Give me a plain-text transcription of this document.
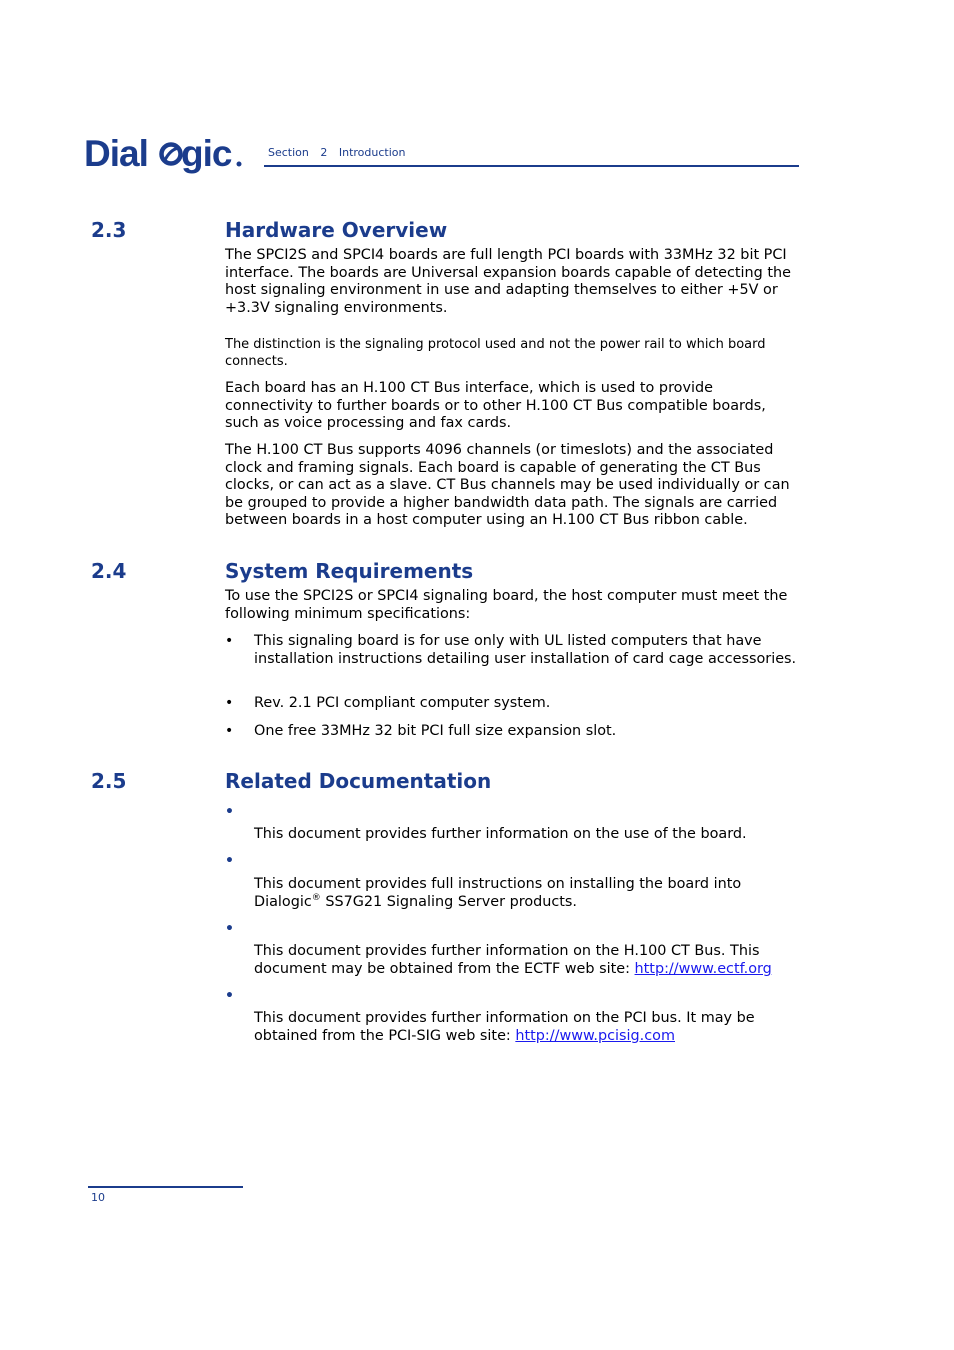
Dial gic	Section 2 Introduction
2.3	Hardware Overview

The SPCI2S and SPCI4 boards are full length PCI boards with 33MHz 32 bit PCI interface. The boards are Universal expansion boards capable of detecting the host signaling environment in use and adapting themselves to either +5V or +3.3V signaling environments.

The distinction is the signaling protocol used and not the power rail to which board connects.

Each board has an H.100 CT Bus interface, which is used to provide connectivity to further boards or to other H.100 CT Bus compatible boards, such as voice processing and fax cards.

The H.100 CT Bus supports 4096 channels (or timeslots) and the associated clock and framing signals. Each board is capable of generating the CT Bus clocks, or can act as a slave. CT Bus channels may be used individually or can be grouped to provide a higher bandwidth data path. The signals are carried between boards in a host computer using an H.100 CT Bus ribbon cable.

2.4	System Requirements

To use the SPCI2S or SPCI4 signaling board, the host computer must meet the following minimum specifications:

• This signaling board is for use only with UL listed computers that have installation instructions detailing user installation of card cage accessories.

• Rev. 2.1 PCI compliant computer system.

• One free 33MHz 32 bit PCI full size expansion slot.

2.5	Related Documentation
•

This document provides further information on the use of the board.

•

This document provides full instructions on installing the board into Dialogic® SS7G21 Signaling Server products.

•

This document provides further information on the H.100 CT Bus. This document may be obtained from the ECTF web site: http://www.ectf.org

•

This document provides further information on the PCI bus. It may be obtained from the PCI-SIG web site: http://www.pcisig.com

10
